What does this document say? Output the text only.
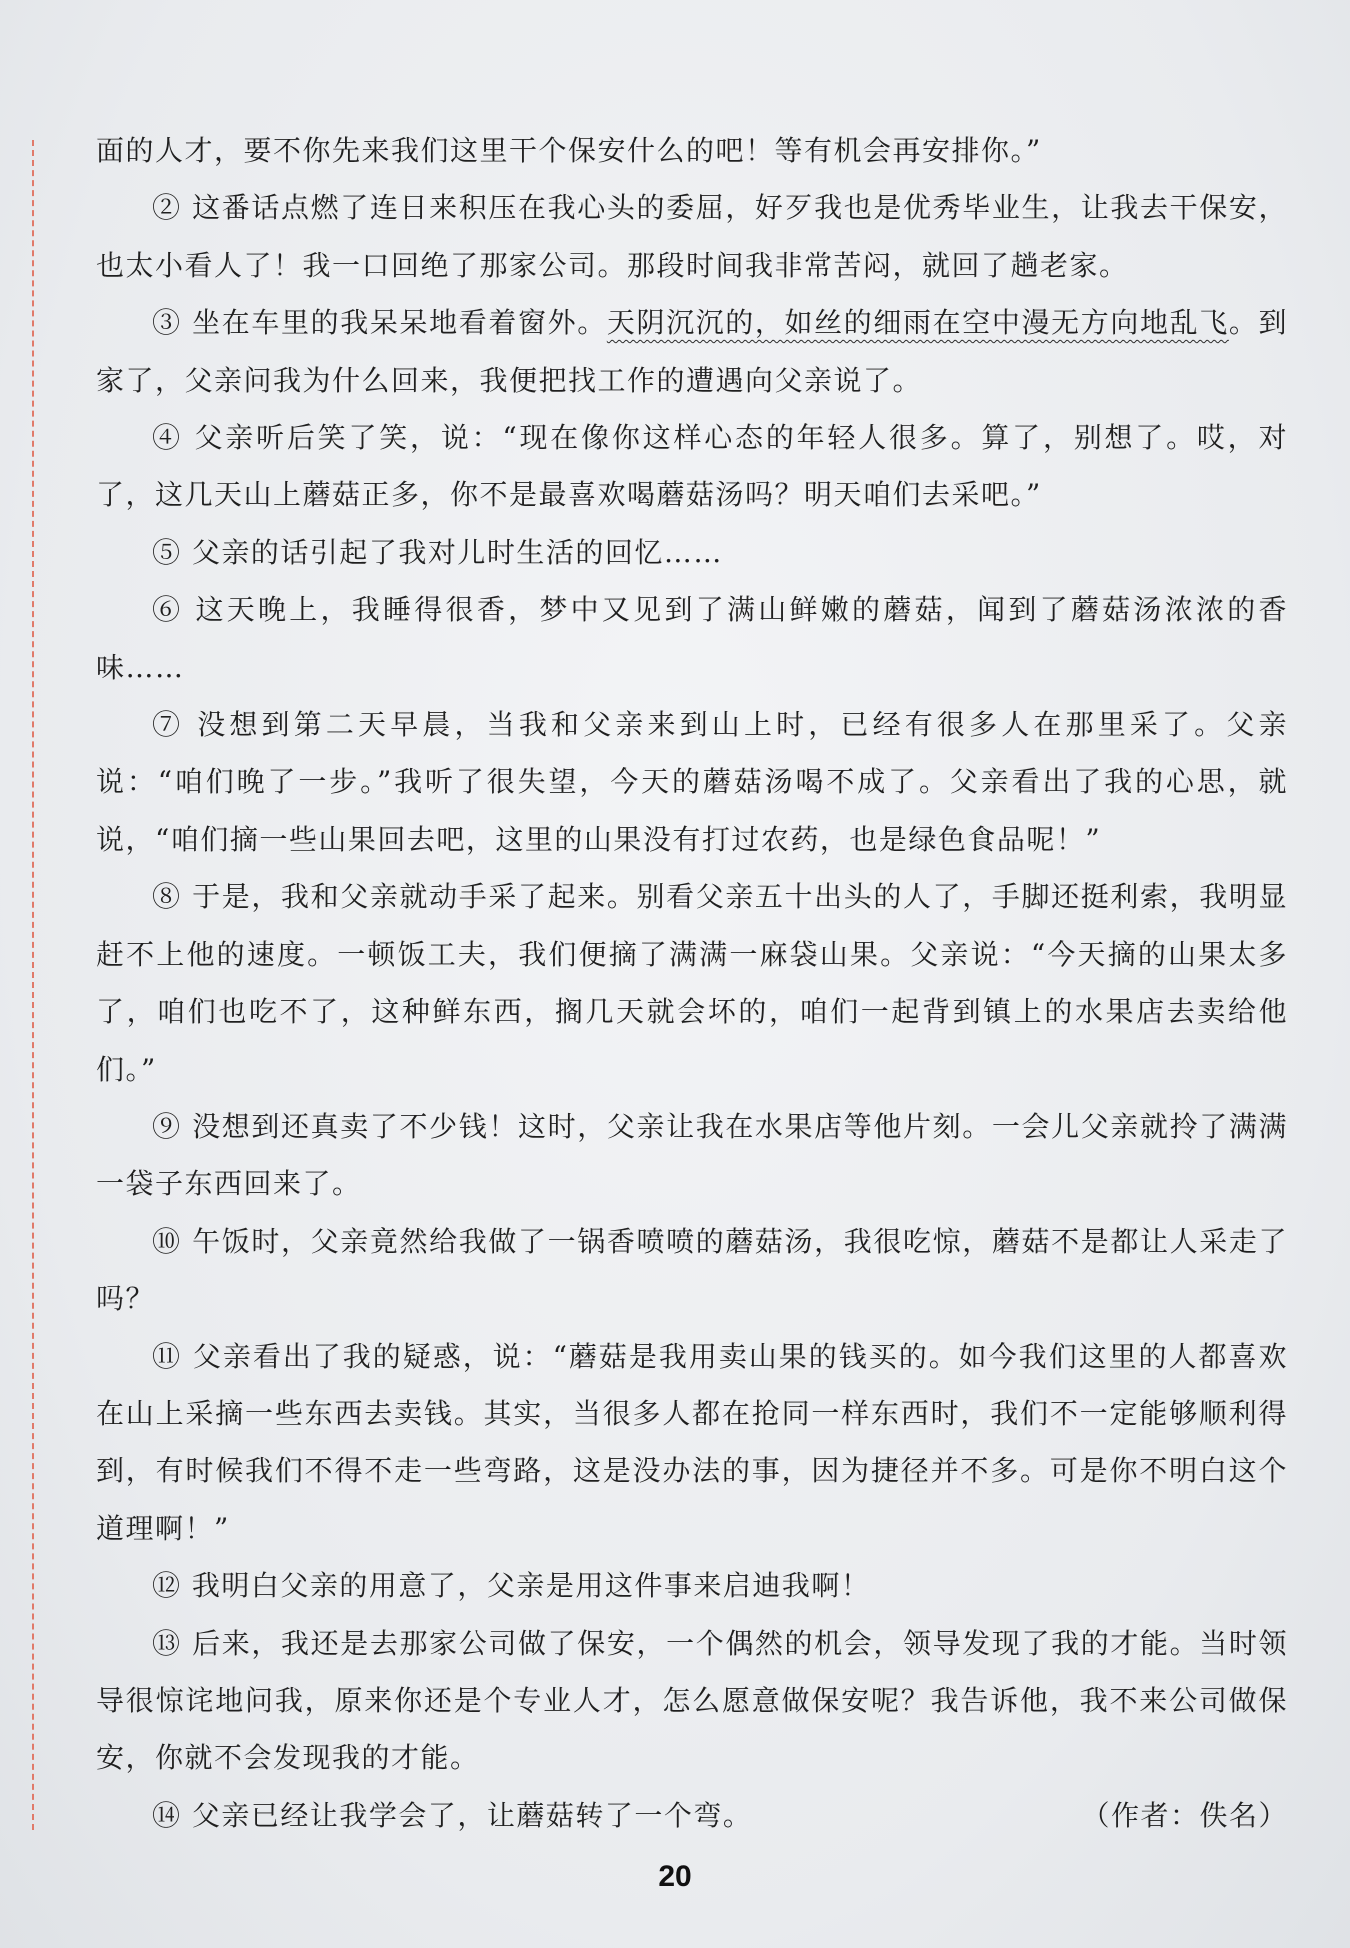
面的人才，要不你先来我们这里干个保安什么的吧！等有机会再安排你。”

② 这番话点燃了连日来积压在我心头的委屈，好歹我也是优秀毕业生，让我去干保安，也太小看人了！我一口回绝了那家公司。那段时间我非常苦闷，就回了趟老家。

③ 坐在车里的我呆呆地看着窗外。天阴沉沉的，如丝的细雨在空中漫无方向地乱飞。到家了，父亲问我为什么回来，我便把找工作的遭遇向父亲说了。

④ 父亲听后笑了笑，说：“现在像你这样心态的年轻人很多。算了，别想了。哎，对了，这几天山上蘑菇正多，你不是最喜欢喝蘑菇汤吗？明天咱们去采吧。”

⑤ 父亲的话引起了我对儿时生活的回忆……

⑥ 这天晚上，我睡得很香，梦中又见到了满山鲜嫩的蘑菇，闻到了蘑菇汤浓浓的香味……

⑦ 没想到第二天早晨，当我和父亲来到山上时，已经有很多人在那里采了。父亲说：“咱们晚了一步。”我听了很失望，今天的蘑菇汤喝不成了。父亲看出了我的心思，就说，“咱们摘一些山果回去吧，这里的山果没有打过农药，也是绿色食品呢！”

⑧ 于是，我和父亲就动手采了起来。别看父亲五十出头的人了，手脚还挺利索，我明显赶不上他的速度。一顿饭工夫，我们便摘了满满一麻袋山果。父亲说：“今天摘的山果太多了，咱们也吃不了，这种鲜东西，搁几天就会坏的，咱们一起背到镇上的水果店去卖给他们。”

⑨ 没想到还真卖了不少钱！这时，父亲让我在水果店等他片刻。一会儿父亲就拎了满满一袋子东西回来了。

⑩ 午饭时，父亲竟然给我做了一锅香喷喷的蘑菇汤，我很吃惊，蘑菇不是都让人采走了吗？

⑪ 父亲看出了我的疑惑，说：“蘑菇是我用卖山果的钱买的。如今我们这里的人都喜欢在山上采摘一些东西去卖钱。其实，当很多人都在抢同一样东西时，我们不一定能够顺利得到，有时候我们不得不走一些弯路，这是没办法的事，因为捷径并不多。可是你不明白这个道理啊！”

⑫ 我明白父亲的用意了，父亲是用这件事来启迪我啊！

⑬ 后来，我还是去那家公司做了保安，一个偶然的机会，领导发现了我的才能。当时领导很惊诧地问我，原来你还是个专业人才，怎么愿意做保安呢？我告诉他，我不来公司做保安，你就不会发现我的才能。

⑭ 父亲已经让我学会了，让蘑菇转了一个弯。	（作者：佚名）

20
